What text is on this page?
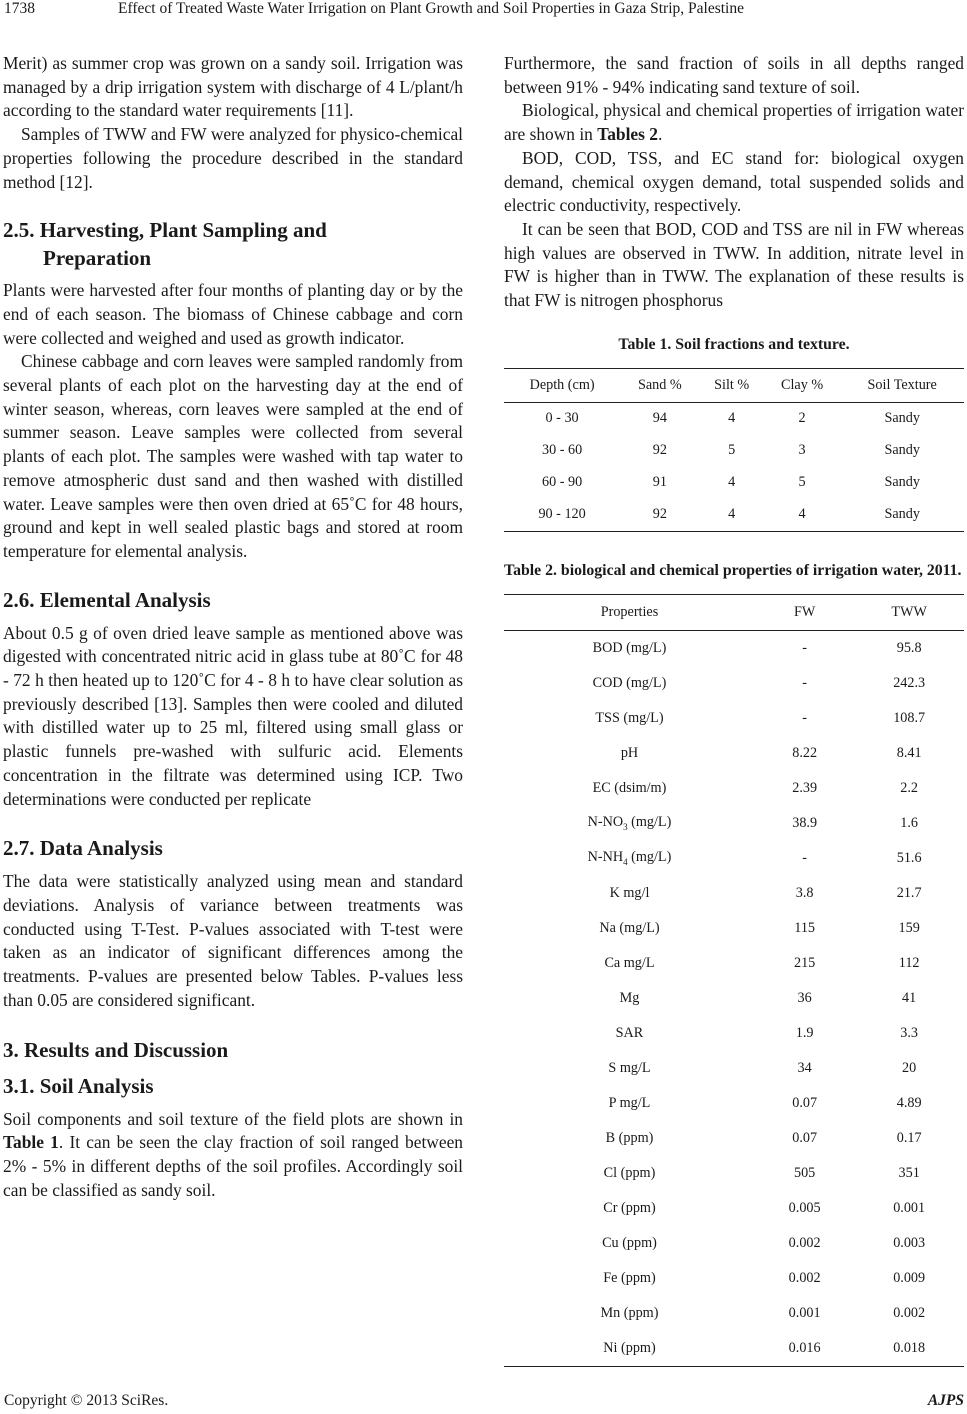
1738	Effect of Treated Waste Water Irrigation on Plant Growth and Soil Properties in Gaza Strip, Palestine

Merit) as summer crop was grown on a sandy soil. Irrigation was managed by a drip irrigation system with discharge of 4 L/plant/h according to the standard water requirements [11].

Samples of TWW and FW were analyzed for physico-chemical properties following the procedure described in the standard method [12].

2.5. Harvesting, Plant Sampling and
Preparation

Plants were harvested after four months of planting day or by the end of each season. The biomass of Chinese cabbage and corn were collected and weighed and used as growth indicator.

Chinese cabbage and corn leaves were sampled randomly from several plants of each plot on the harvesting day at the end of winter season, whereas, corn leaves were sampled at the end of summer season. Leave samples were collected from several plants of each plot. The samples were washed with tap water to remove atmospheric dust sand and then washed with distilled water. Leave samples were then oven dried at 65˚C for 48 hours, ground and kept in well sealed plastic bags and stored at room temperature for elemental analysis.

2.6. Elemental Analysis

About 0.5 g of oven dried leave sample as mentioned above was digested with concentrated nitric acid in glass tube at 80˚C for 48 - 72 h then heated up to 120˚C for 4 - 8 h to have clear solution as previously described [13]. Samples then were cooled and diluted with distilled water up to 25 ml, filtered using small glass or plastic funnels pre-washed with sulfuric acid. Elements concentration in the filtrate was determined using ICP. Two determinations were conducted per replicate

2.7. Data Analysis

The data were statistically analyzed using mean and standard deviations. Analysis of variance between treatments was conducted using T-Test. P-values associated with T-test were taken as an indicator of significant differences among the treatments. P-values are presented below Tables. P-values less than 0.05 are considered significant.

3. Results and Discussion
3.1. Soil Analysis

Soil components and soil texture of the field plots are shown in Table 1. It can be seen the clay fraction of soil ranged between 2% - 5% in different depths of the soil profiles. Accordingly soil can be classified as sandy soil.

Furthermore, the sand fraction of soils in all depths ranged between 91% - 94% indicating sand texture of soil.

Biological, physical and chemical properties of irrigation water are shown in Tables 2.

BOD, COD, TSS, and EC stand for: biological oxygen demand, chemical oxygen demand, total suspended solids and electric conductivity, respectively.

It can be seen that BOD, COD and TSS are nil in FW whereas high values are observed in TWW. In addition, nitrate level in FW is higher than in TWW. The explanation of these results is that FW is nitrogen phosphorus

Table 1. Soil fractions and texture.

Depth (cm)	Sand %	Silt %	Clay %	Soil Texture
0 - 30	94	4	2	Sandy
30 - 60	92	5	3	Sandy
60 - 90	91	4	5	Sandy
90 - 120	92	4	4	Sandy

Table 2. biological and chemical properties of irrigation water, 2011.

Properties	FW	TWW
BOD (mg/L)	-	95.8
COD (mg/L)	-	242.3
TSS (mg/L)	-	108.7
pH	8.22	8.41
EC (dsim/m)	2.39	2.2
$N-NO_3$ (mg/L)	38.9	1.6
$N-NH_4$ (mg/L)	-	51.6
K mg/l	3.8	21.7
Na (mg/L)	115	159
Ca mg/L	215	112
Mg	36	41
SAR	1.9	3.3
S mg/L	34	20
P mg/L	0.07	4.89
B (ppm)	0.07	0.17
Cl (ppm)	505	351
Cr (ppm)	0.005	0.001
Cu (ppm)	0.002	0.003
Fe (ppm)	0.002	0.009
Mn (ppm)	0.001	0.002
Ni (ppm)	0.016	0.018
Copyright © 2013 SciRes.	AJPS
